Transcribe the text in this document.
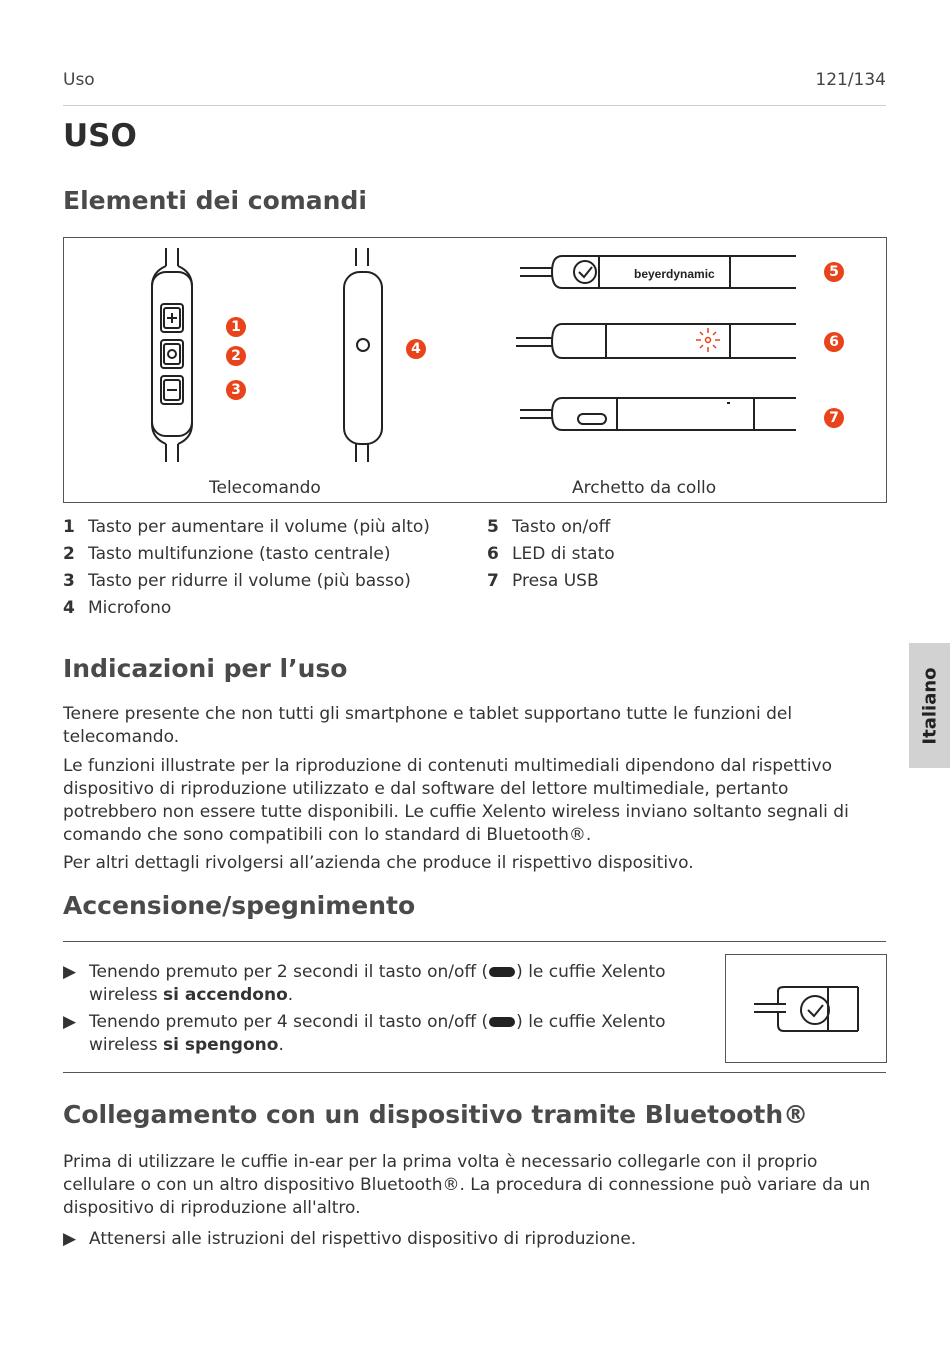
Uso	121/134
USO
Elementi dei comandi
beyerdynamic
1
2
3
4
5
6
7
Telecomando	Archetto da collo
1 Tasto per aumentare il volume (più alto)
2 Tasto multifunzione (tasto centrale)
3 Tasto per ridurre il volume (più basso)
4 Microfono
5 Tasto on/off
6 LED di stato
7 Presa USB
Indicazioni per l’uso

Tenere presente che non tutti gli smartphone e tablet supportano tutte le funzioni del telecomando.

Le funzioni illustrate per la riproduzione di contenuti multimediali dipendono dal rispettivo dispositivo di riproduzione utilizzato e dal software del lettore multimediale, pertanto potrebbero non essere tutte disponibili. Le cuffie Xelento wireless inviano soltanto segnali di comando che sono compatibili con lo standard di Bluetooth®.

Per altri dettagli rivolgersi all’azienda che produce il rispettivo dispositivo.

Italiano
Accensione/spegnimento
▶ Tenendo premuto per 2 secondi il tasto on/off ( ) le cuffie Xelento wireless si accendono.
▶ Tenendo premuto per 4 secondi il tasto on/off ( ) le cuffie Xelento wireless si spengono.
Collegamento con un dispositivo tramite Bluetooth®

Prima di utilizzare le cuffie in-ear per la prima volta è necessario collegarle con il proprio cellulare o con un altro dispositivo Bluetooth®. La procedura di connessione può variare da un dispositivo di riproduzione all'altro.

▶ Attenersi alle istruzioni del rispettivo dispositivo di riproduzione.
